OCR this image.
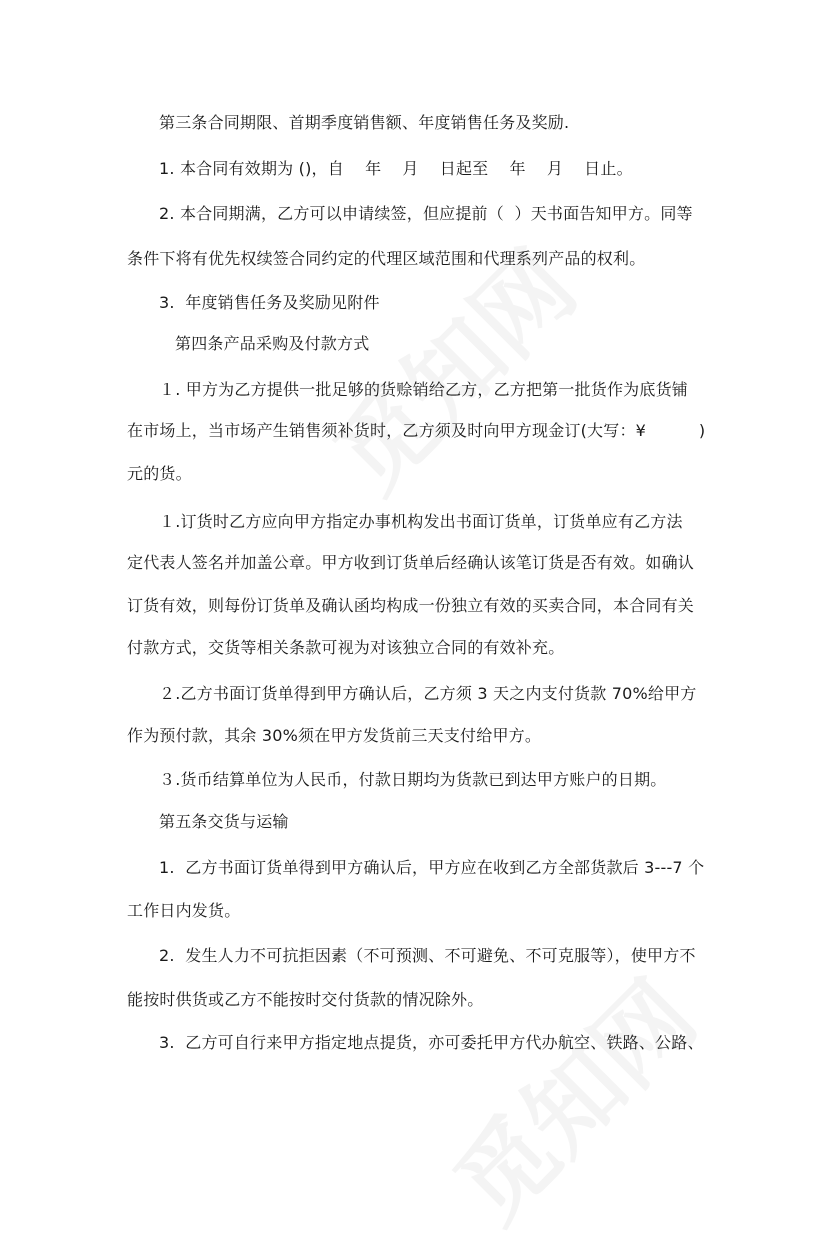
第三条合同期限、首期季度销售额、年度销售任务及奖励.
1. 本合同有效期为 ()，自    年    月    日起至    年    月    日止。
2. 本合同期满，乙方可以申请续签，但应提前（  ）天书面告知甲方。同等
条件下将有优先权续签合同约定的代理区域范围和代理系列产品的权利。
3.  年度销售任务及奖励见附件
第四条产品采购及付款方式
１. 甲方为乙方提供一批足够的货赊销给乙方，乙方把第一批货作为底货铺
在市场上，当市场产生销售须补货时，乙方须及时向甲方现金订(大写：¥          )
元的货。
１.订货时乙方应向甲方指定办事机构发出书面订货单，订货单应有乙方法
定代表人签名并加盖公章。甲方收到订货单后经确认该笔订货是否有效。如确认
订货有效，则每份订货单及确认函均构成一份独立有效的买卖合同，本合同有关
付款方式，交货等相关条款可视为对该独立合同的有效补充。
２.乙方书面订货单得到甲方确认后，乙方须 3 天之内支付货款 70%给甲方
作为预付款，其余 30%须在甲方发货前三天支付给甲方。
３.货币结算单位为人民币，付款日期均为货款已到达甲方账户的日期。
第五条交货与运输
1.  乙方书面订货单得到甲方确认后，甲方应在收到乙方全部货款后 3---7 个
工作日内发货。
2.  发生人力不可抗拒因素（不可预测、不可避免、不可克服等），使甲方不
能按时供货或乙方不能按时交付货款的情况除外。
3.  乙方可自行来甲方指定地点提货，亦可委托甲方代办航空、铁路、公路、
